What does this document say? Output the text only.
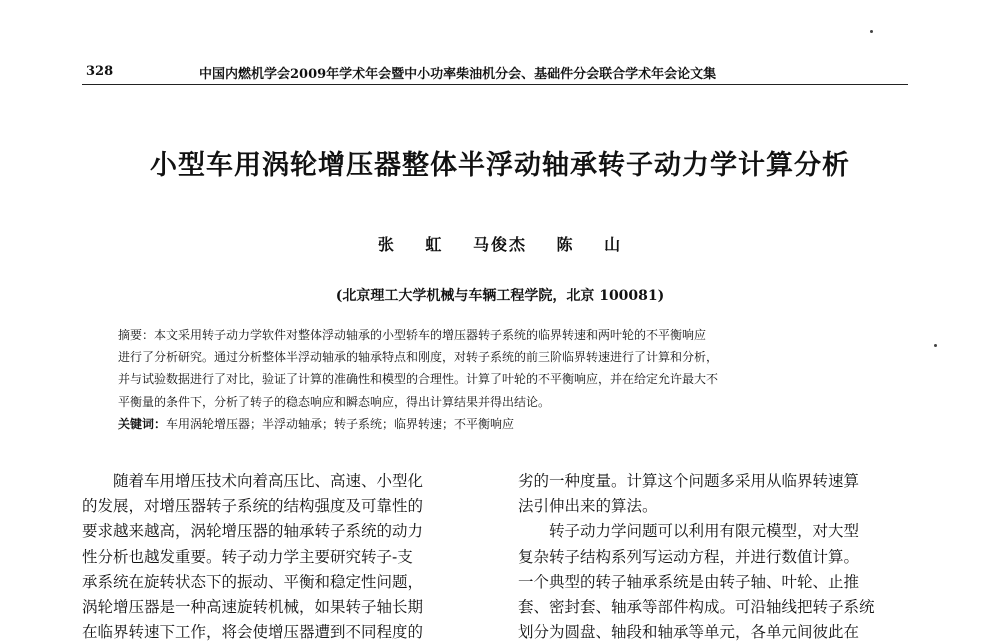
328	中国内燃机学会2009年学术年会暨中小功率柴油机分会、基础件分会联合学术年会论文集
小型车用涡轮增压器整体半浮动轴承转子动力学计算分析
张 虹 马俊杰 陈 山
(北京理工大学机械与车辆工程学院，北京 100081)
摘要：本文采用转子动力学软件对整体浮动轴承的小型轿车的增压器转子系统的临界转速和两叶轮的不平衡响应
进行了分析研究。通过分析整体半浮动轴承的轴承特点和刚度，对转子系统的前三阶临界转速进行了计算和分析，
并与试验数据进行了对比，验证了计算的准确性和模型的合理性。计算了叶轮的不平衡响应，并在给定允许最大不
平衡量的条件下，分析了转子的稳态响应和瞬态响应，得出计算结果并得出结论。
关键词：车用涡轮增压器；半浮动轴承；转子系统；临界转速；不平衡响应
随着车用增压技术向着高压比、高速、小型化
的发展，对增压器转子系统的结构强度及可靠性的
要求越来越高，涡轮增压器的轴承转子系统的动力
性分析也越发重要。转子动力学主要研究转子-支
承系统在旋转状态下的振动、平衡和稳定性问题，
涡轮增压器是一种高速旋转机械，如果转子轴长期
在临界转速下工作，将会使增压器遭到不同程度的
劣的一种度量。计算这个问题多采用从临界转速算
法引伸出来的算法。
转子动力学问题可以利用有限元模型，对大型
复杂转子结构系列写运动方程，并进行数值计算。
一个典型的转子轴承系统是由转子轴、叶轮、止推
套、密封套、轴承等部件构成。可沿轴线把转子系统
划分为圆盘、轴段和轴承等单元，各单元间彼此在
